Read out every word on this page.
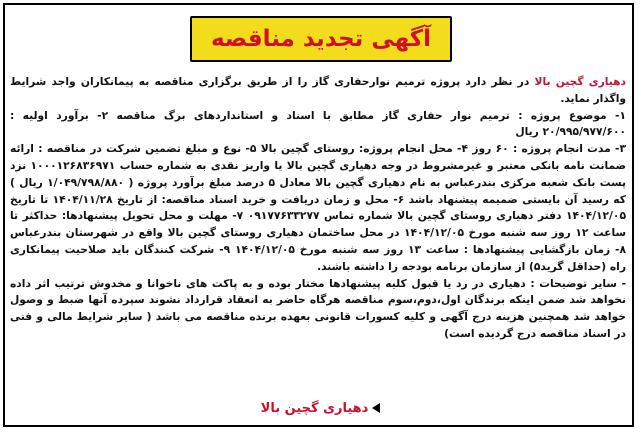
آگهی تجدید مناقصه

دهیاری گچین بالا در نظر دارد پروژه ترمیم نوارحفاری گاز را از طریق برگزاری مناقصه به پیمانکاران واجد شرایط واگذار نماید.

۱- موضوع پروژه : ترمیم نوار حفاری گاز مطابق با اسناد و استانداردهای برگ مناقصه ۲- برآورد اولیه : ۲۰/۹۹۵/۹۷۷/۶۰۰ ریال

۳- مدت انجام پروژه : ۶۰ روز ۴- محل انجام پروژه: روستای گچین بالا ۵- نوع و مبلغ تضمین شرکت در مناقصه : ارائه ضمانت نامه بانکی معتبر و غیرمشروط در وجه دهیاری گچین بالا یا واریز نقدی به شماره حساب ۱۰۰۰۱۲۶۸۳۶۹۷۱ نزد پست بانک شعبه مرکزی بندرعباس به نام دهیاری گچین بالا معادل ۵ درصد مبلغ برآورد پروژه ( ۱/۰۴۹/۷۹۸/۸۸۰ ریال ) که رسید آن بایستی ضمیمه پیشنهاد باشد ۶- محل و زمان دریافت و خرید اسناد مناقصه: از تاریخ ۱۴۰۴/۱۱/۲۸ تا تاریخ ۱۴۰۴/۱۲/۰۵ دفتر دهیاری روستای گچین بالا شماره تماس ۰۹۱۷۷۶۳۳۲۷۷ ۷- مهلت و محل تحویل پیشنهادها: حداکثر تا ساعت ۱۲ روز سه شنبه مورخ ۱۴۰۴/۱۲/۰۵ در محل ساختمان دهیاری روستای گچین بالا واقع در شهرستان بندرعباس ۸- زمان بازگشایی پیشنهادها : ساعت ۱۳ روز سه شنبه مورخ ۱۴۰۴/۱۲/۰۵ ۹- شرکت کنندگان باید صلاحیت پیمانکاری راه (حداقل گرید۵) از سازمان برنامه بودجه را داشته باشند.

- سایر توضیحات : دهیاری در رد یا قبول کلیه پیشنهادها مختار بوده و به پاکت های ناخوانا و مخدوش ترتیب اثر داده نخواهد شد ضمن اینکه برندگان اول،دوم،سوم مناقصه هرگاه حاضر به انعقاد قرارداد نشوند سپرده آنها ضبط و وصول خواهد شد همچنین هزینه درج آگهی و کلیه کسورات قانونی بعهده برنده مناقصه می باشد ( سایر شرایط مالی و فنی در اسناد مناقصه درج گردیده است)

دهیاری گچین بالا
